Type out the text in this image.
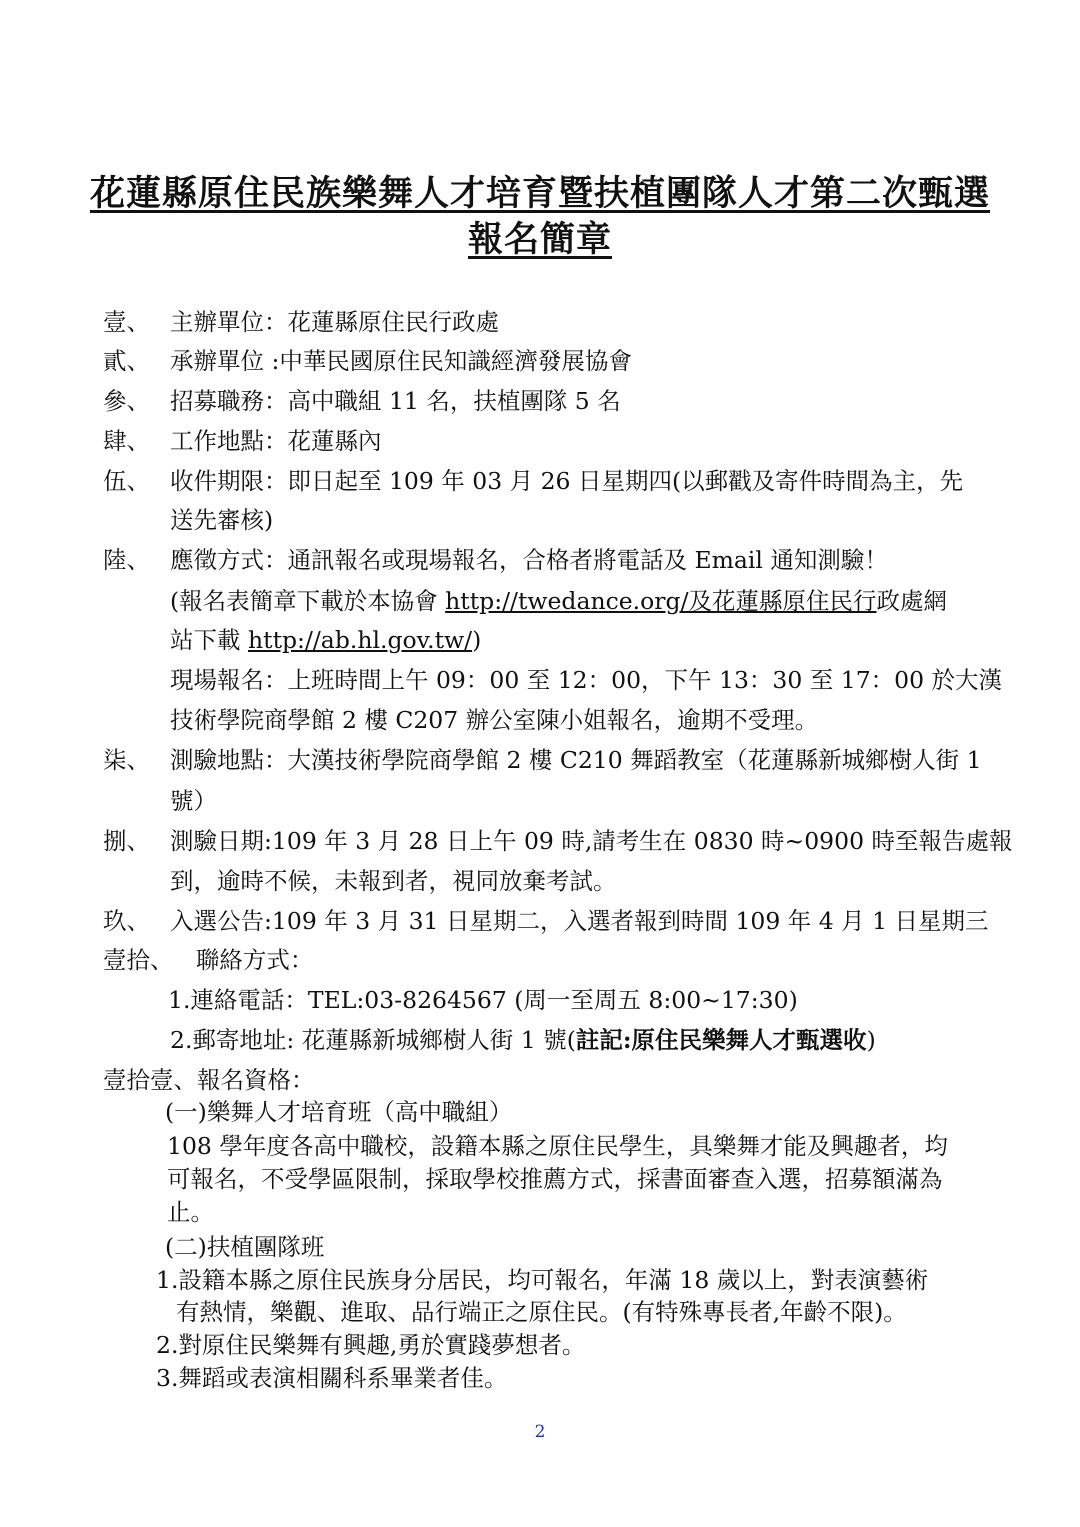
花蓮縣原住民族樂舞人才培育暨扶植團隊人才第二次甄選
報名簡章
壹、 主辦單位：花蓮縣原住民行政處
貳、 承辦單位 :中華民國原住民知識經濟發展協會
參、 招募職務：高中職組 11 名，扶植團隊 5 名
肆、 工作地點：花蓮縣內
伍、 收件期限：即日起至 109 年 03 月 26 日星期四(以郵戳及寄件時間為主，先
送先審核)
陸、 應徵方式：通訊報名或現場報名，合格者將電話及 Email 通知測驗！
(報名表簡章下載於本協會 http://twedance.org/及花蓮縣原住民行政處網
站下載 http://ab.hl.gov.tw/)
現場報名：上班時間上午 09：00 至 12：00，下午 13：30 至 17：00 於大漢
技術學院商學館 2 樓 C207 辦公室陳小姐報名，逾期不受理。
柒、 測驗地點：大漢技術學院商學館 2 樓 C210 舞蹈教室（花蓮縣新城鄉樹人街 1
號）
捌、 測驗日期:109 年 3 月 28 日上午 09 時,請考生在 0830 時~0900 時至報告處報
到，逾時不候，未報到者，視同放棄考試。
玖、 入選公告:109 年 3 月 31 日星期二，入選者報到時間 109 年 4 月 1 日星期三
壹拾、   聯絡方式：
1.連絡電話：TEL:03-8264567 (周一至周五 8:00~17:30)
2.郵寄地址: 花蓮縣新城鄉樹人街 1 號(註記:原住民樂舞人才甄選收)
壹拾壹、報名資格：
(一)樂舞人才培育班（高中職組）
108 學年度各高中職校，設籍本縣之原住民學生，具樂舞才能及興趣者，均
可報名，不受學區限制，採取學校推薦方式，採書面審查入選，招募額滿為
止。
(二)扶植團隊班
1.設籍本縣之原住民族身分居民，均可報名，年滿 18 歲以上，對表演藝術
有熱情，樂觀、進取、品行端正之原住民。(有特殊專長者,年齡不限)。
2.對原住民樂舞有興趣,勇於實踐夢想者。
3.舞蹈或表演相關科系畢業者佳。
2
